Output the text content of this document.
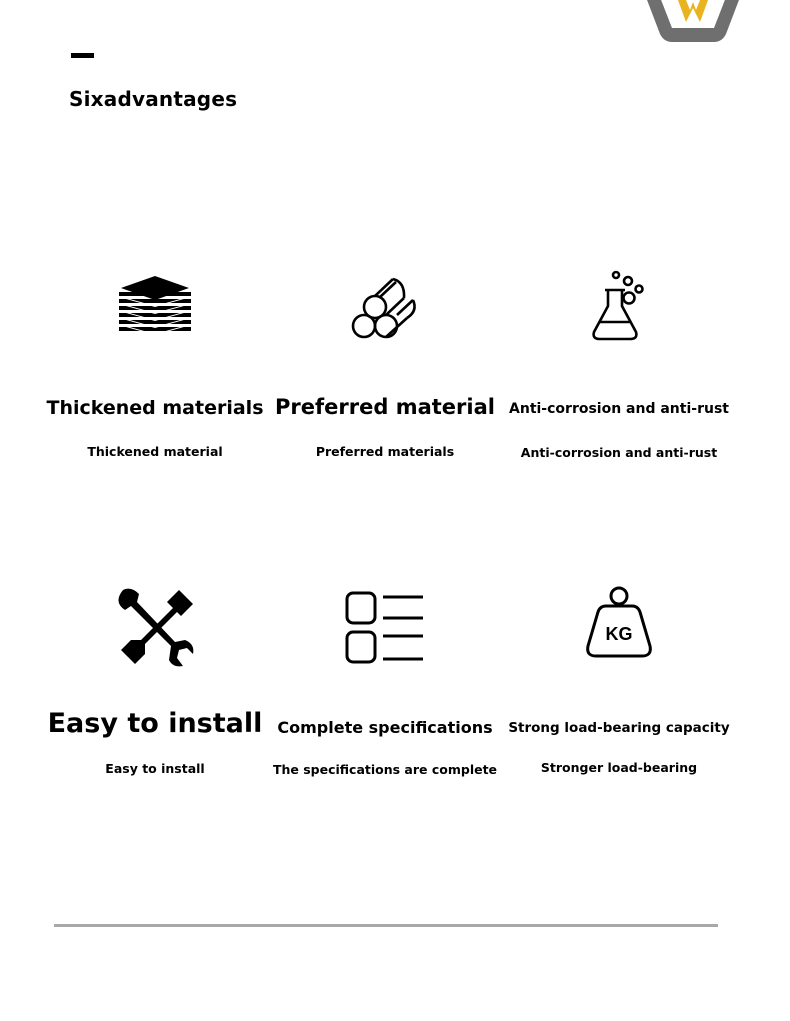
Sixadvantages
Thickened materials
Thickened material
Preferred material
Preferred materials
Anti-corrosion and anti-rust
Anti-corrosion and anti-rust
Easy to install
Easy to install
Complete specifications
The specifications are complete
KG
Strong load-bearing capacity
Stronger load-bearing
